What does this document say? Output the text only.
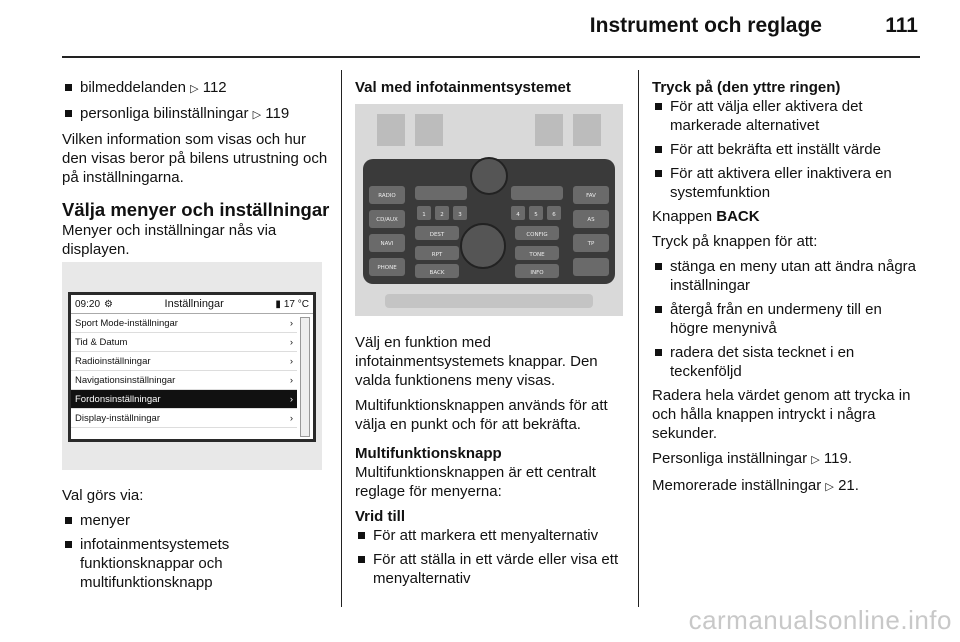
Instrument och reglage	111
bilmeddelanden ▷ 112
personliga bilinställningar ▷ 119

Vilken information som visas och hur den visas beror på bilens utrustning och på inställningarna.

Välja menyer och inställningar

Menyer och inställningar nås via displayen.

09:20 ⚙	Inställningar	▮ 17 °C
Sport Mode-inställningar	›
Tid & Datum	›
Radioinställningar	›
Navigationsinställningar	›
Fordonsinställningar	›
Display-inställningar	›

Val görs via:

menyer
infotainmentsystemets funktionsknappar och multifunktionsknapp
Val med infotainmentsystemet
RADIO
CD/AUX
NAVI
PHONE
FAV
AS
TP
BACK
DEST	CONFIG
INFO
TONE
RPT
1	2	3	4	5	6

Välj en funktion med infotainmentsystemets knappar. Den valda funktionens meny visas.

Multifunktionsknappen används för att välja en punkt och för att bekräfta.

Multifunktionsknapp

Multifunktionsknappen är ett centralt reglage för menyerna:

Vrid till
För att markera ett menyalternativ
För att ställa in ett värde eller visa ett menyalternativ
Tryck på (den yttre ringen)
För att välja eller aktivera det markerade alternativet
För att bekräfta ett inställt värde
För att aktivera eller inaktivera en systemfunktion

Knappen BACK

Tryck på knappen för att:

stänga en meny utan att ändra några inställningar
återgå från en undermeny till en högre menynivå
radera det sista tecknet i en teckenföljd

Radera hela värdet genom att trycka in och hålla knappen intryckt i några sekunder.

Personliga inställningar ▷ 119.

Memorerade inställningar ▷ 21.

carmanualsonline.info
